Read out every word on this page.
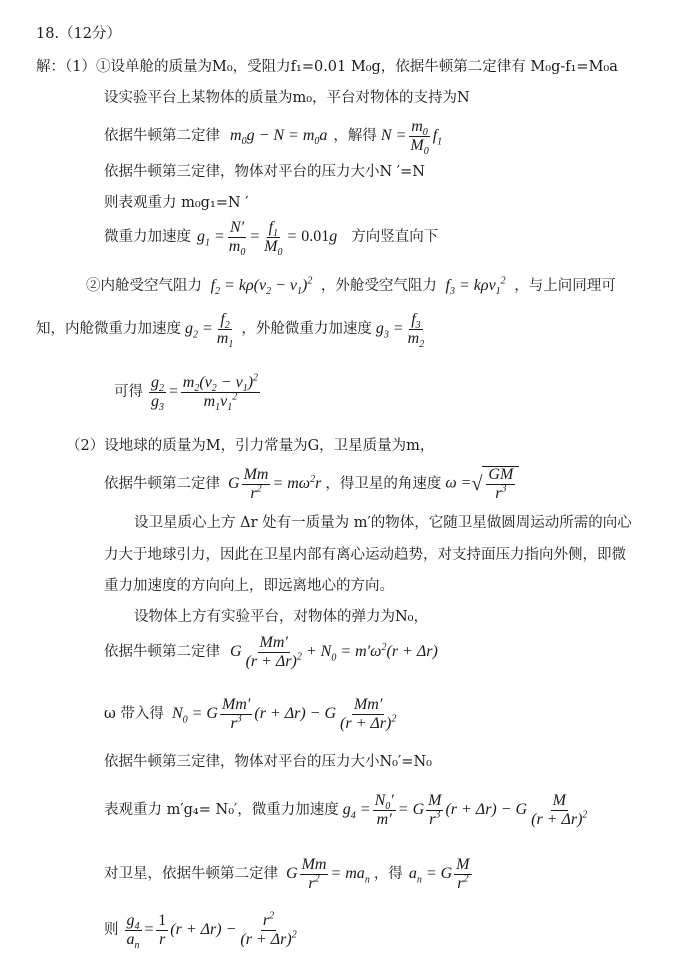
18.（12分）
解：（1）①设单舱的质量为M₀，受阻力f₁=0.01 M₀g，依据牛顿第二定律有 M₀g-f₁=M₀a
设实验平台上某物体的质量为m₀，平台对物体的支持为N
依据牛顿第二定律 $m_0g - N = m_0a$ ，解得 $N = \frac{m_0}{M_0} f_1$
依据牛顿第三定律，物体对平台的压力大小N ′=N
则表观重力 m₀g₁=N ′
微重力加速度 $g_1 = \frac{N'}{m_0} = \frac{f_1}{M_0} = 0.01g$ 方向竖直向下
②内舱受空气阻力 $f_2 = k\rho(v_2 - v_1)^2$ ，外舱受空气阻力 $f_3 = k\rho v_1^2$ ，与上问同理可
知，内舱微重力加速度 $g_2 = \frac{f_2}{m_1}$ ，外舱微重力加速度 $g_3 = \frac{f_3}{m_2}$
可得 $\frac{g_2}{g_3} = \frac{m_2(v_2 - v_1)^2}{m_1v_1^2}$
（2）设地球的质量为M，引力常量为G，卫星质量为m，
依据牛顿第二定律 G $\frac{Mm}{r^2} = m\omega^2r$ ，得卫星的角速度 ω =√ $\frac{GM}{r^3}$
设卫星质心上方 Δr 处有一质量为 m′的物体，它随卫星做圆周运动所需的向心
力大于地球引力，因此在卫星内部有离心运动趋势，对支持面压力指向外侧，即微
重力加速度的方向向上，即远离地心的方向。
设物体上方有实验平台，对物体的弹力为N₀，
依据牛顿第二定律 G $\frac{Mm'}{(r + \Delta r)^2} + N_0 = m'\omega^2(r + \Delta r)$
ω 带入得 $N_0 = G \frac{Mm'}{r^3} (r + \Delta r) - G \frac{Mm'}{(r + \Delta r)^2}$
依据牛顿第三定律，物体对平台的压力大小N₀′=N₀
表观重力 m′g₄= N₀′，微重力加速度 $g_4 = \frac{N_0'}{m'} = G \frac{M}{r^3} (r + \Delta r) - G \frac{M}{(r + \Delta r)^2}$
对卫星，依据牛顿第二定律 G $\frac{Mm}{r^2} = ma_n$ ，得 $a_n = G \frac{M}{r^2}$
则 $\frac{g_4}{a_n} = \frac{1}{r} (r + \Delta r) - \frac{r^2}{(r + \Delta r)^2}$
